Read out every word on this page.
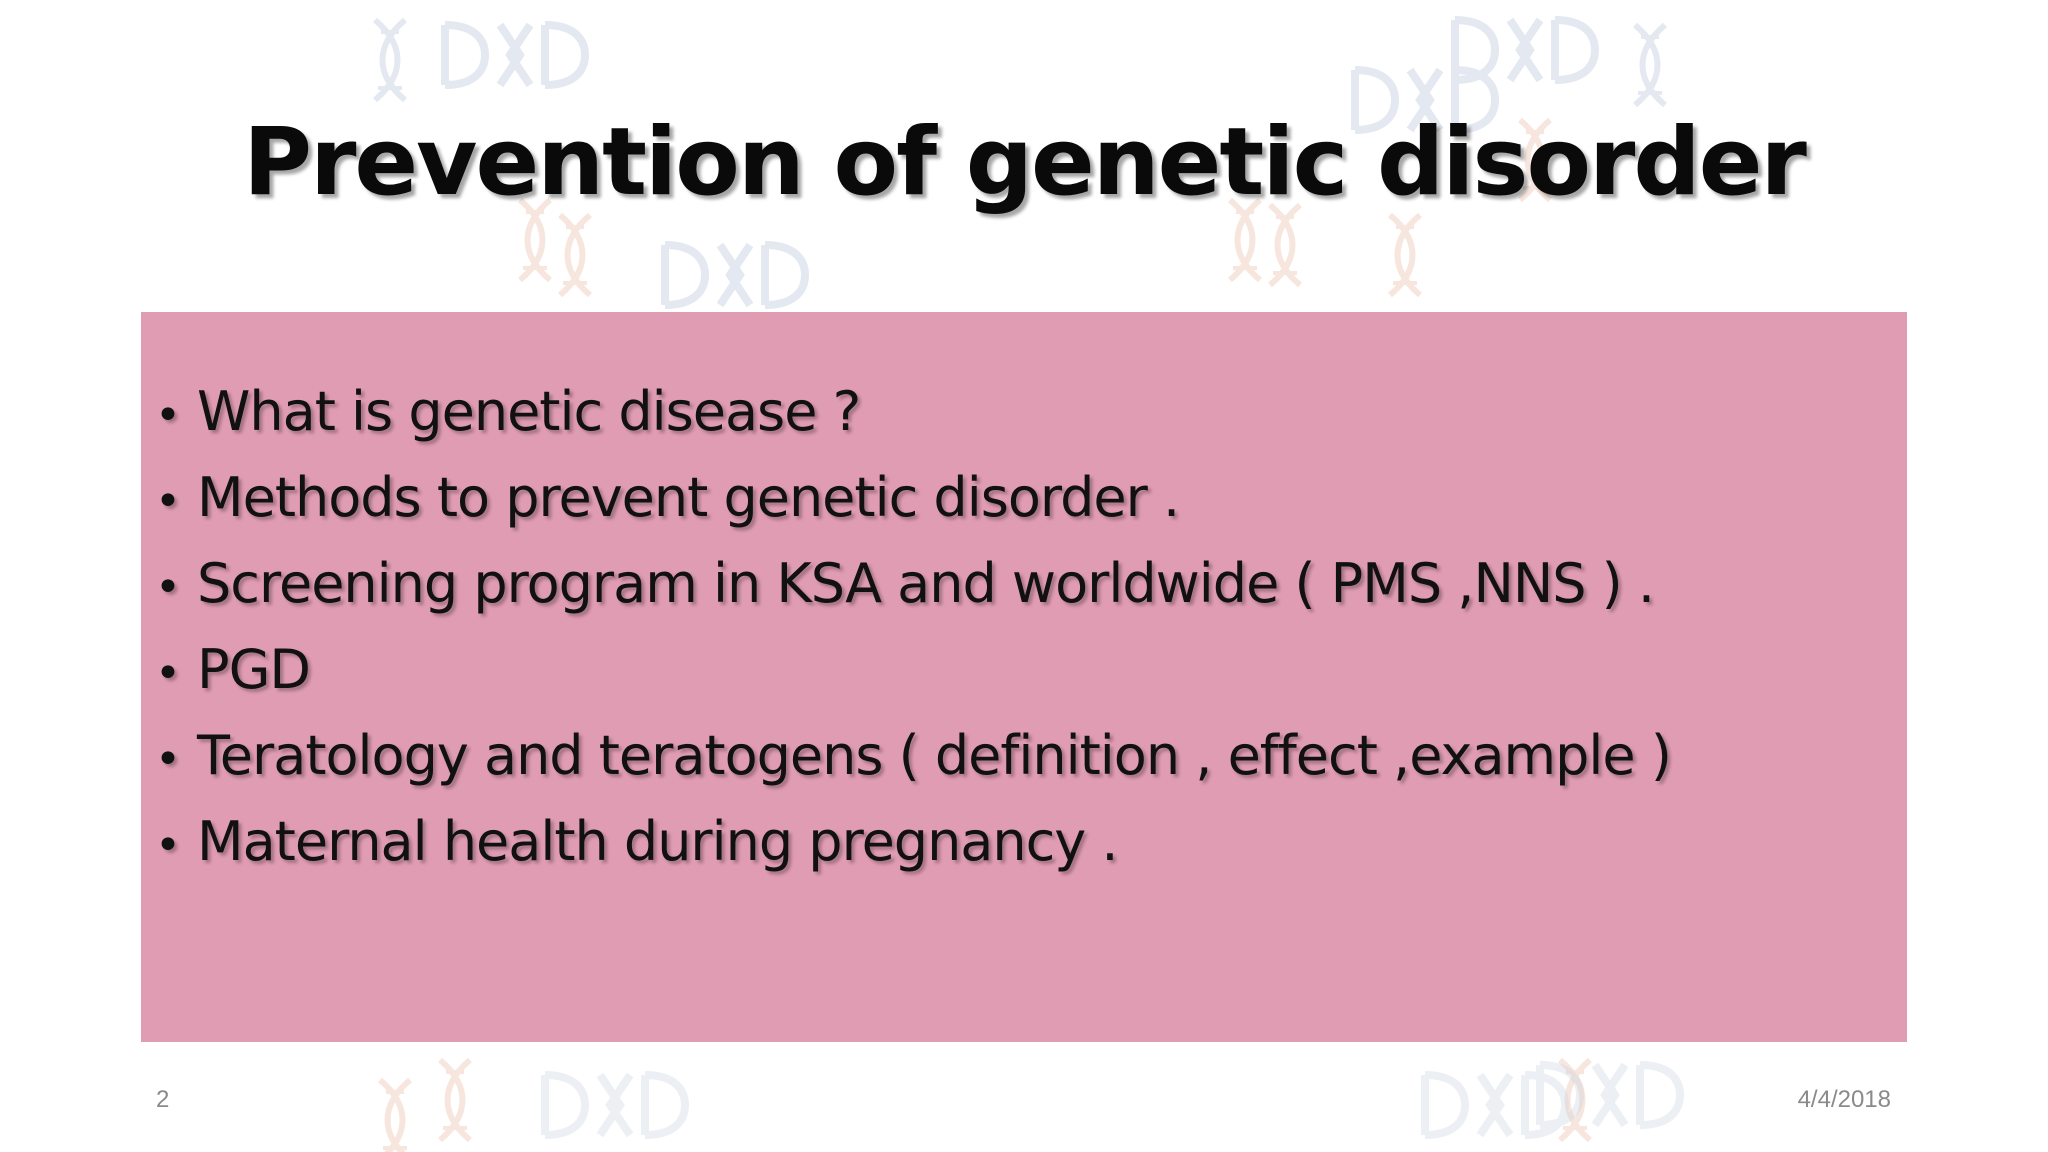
Prevention of genetic disorder
• What is genetic disease ?
• Methods to prevent genetic disorder .
• Screening program in KSA and worldwide ( PMS ,NNS ) .
• PGD
• Teratology and teratogens ( definition , effect ,example )
• Maternal health during pregnancy .
2	4/4/2018
